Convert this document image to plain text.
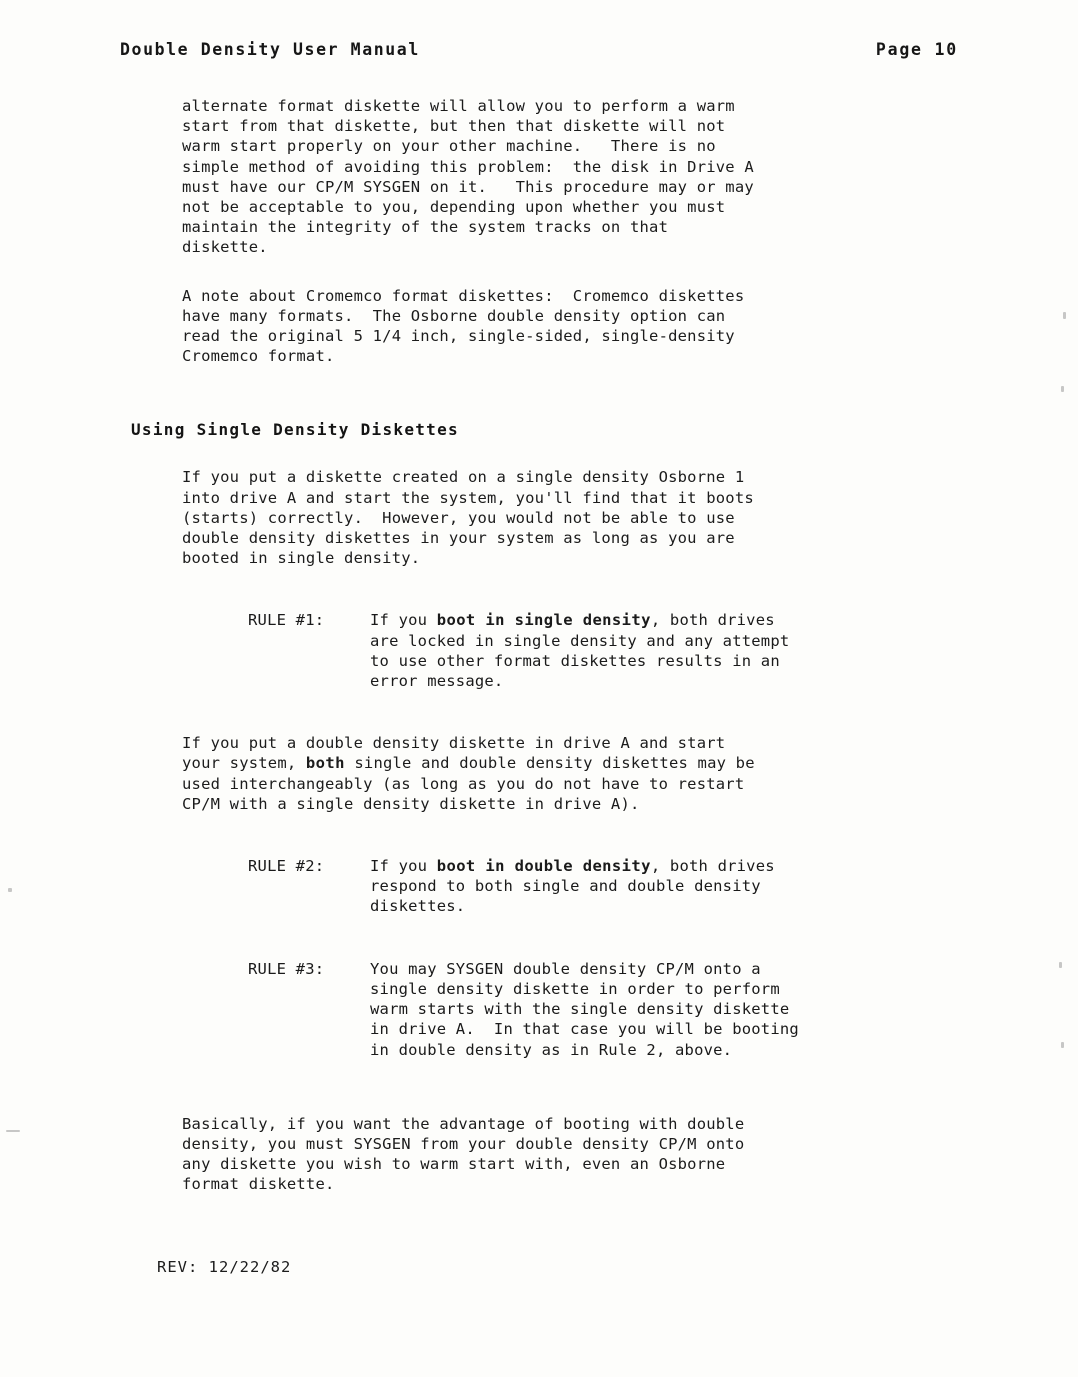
Double Density User Manual	Page 10
alternate format diskette will allow you to perform a warm
start from that diskette, but then that diskette will not
warm start properly on your other machine.   There is no
simple method of avoiding this problem:  the disk in Drive A
must have our CP/M SYSGEN on it.   This procedure may or may
not be acceptable to you, depending upon whether you must
maintain the integrity of the system tracks on that
diskette.
A note about Cromemco format diskettes:  Cromemco diskettes
have many formats.  The Osborne double density option can
read the original 5 1/4 inch, single-sided, single-density
Cromemco format.
Using Single Density Diskettes
If you put a diskette created on a single density Osborne 1
into drive A and start the system, you'll find that it boots
(starts) correctly.  However, you would not be able to use
double density diskettes in your system as long as you are
booted in single density.
RULE #1:	If you boot in single density, both drives
are locked in single density and any attempt
to use other format diskettes results in an
error message.
If you put a double density diskette in drive A and start
your system, both single and double density diskettes may be
used interchangeably (as long as you do not have to restart
CP/M with a single density diskette in drive A).
RULE #2:	If you boot in double density, both drives
respond to both single and double density
diskettes.
RULE #3:	You may SYSGEN double density CP/M onto a
single density diskette in order to perform
warm starts with the single density diskette
in drive A.  In that case you will be booting
in double density as in Rule 2, above.
Basically, if you want the advantage of booting with double
density, you must SYSGEN from your double density CP/M onto
any diskette you wish to warm start with, even an Osborne
format diskette.
REV: 12/22/82
